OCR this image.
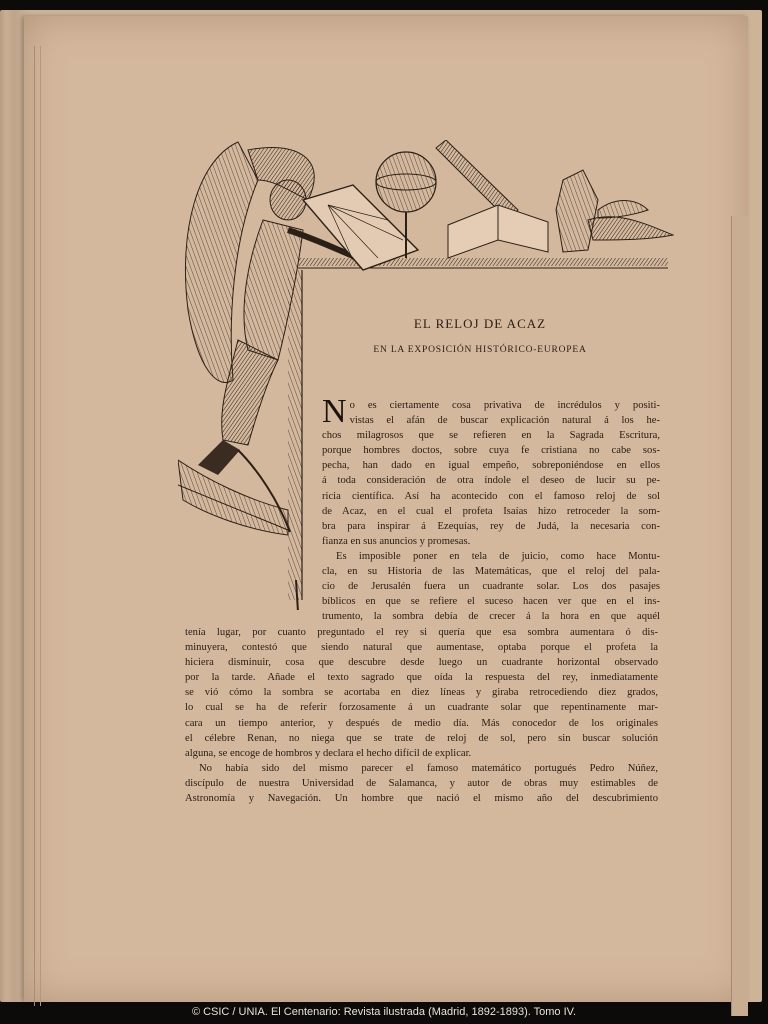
EL RELOJ DE ACAZ
EN LA EXPOSICIÓN HISTÓRICO-EUROPEA
N o es ciertamente cosa privativa de incrédulos y positi-
vistas el afán de buscar explicación natural á los he-
chos milagrosos que se refieren en la Sagrada Escritura,
porque hombres doctos, sobre cuya fe cristiana no cabe sos-
pecha, han dado en igual empeño, sobreponiéndose en ellos
á toda consideración de otra índole el deseo de lucir su pe-
ricia científica. Así ha acontecido con el famoso reloj de sol
de Acaz, en el cual el profeta Isaías hizo retroceder la som-
bra para inspirar á Ezequías, rey de Judá, la necesaria con-
fianza en sus anuncios y promesas.
Es imposible poner en tela de juicio, como hace Montu-
cla, en su Historia de las Matemáticas, que el reloj del pala-
cio de Jerusalén fuera un cuadrante solar. Los dos pasajes
bíblicos en que se refiere el suceso hacen ver que en el ins-
trumento, la sombra debía de crecer á la hora en que aquél
tenía lugar, por cuanto preguntado el rey si quería que esa sombra aumentara ó dis-
minuyera, contestó que siendo natural que aumentase, optaba porque el profeta la
hiciera disminuir, cosa que descubre desde luego un cuadrante horizontal observado
por la tarde. Añade el texto sagrado que oída la respuesta del rey, inmediatamente
se vió cómo la sombra se acortaba en diez líneas y giraba retrocediendo diez grados,
lo cual se ha de referir forzosamente á un cuadrante solar que repentinamente mar-
cara un tiempo anterior, y después de medio día. Más conocedor de los originales
el célebre Renan, no niega que se trate de reloj de sol, pero sin buscar solución
alguna, se encoge de hombros y declara el hecho difícil de explicar.
No había sido del mismo parecer el famoso matemático portugués Pedro Núñez,
discípulo de nuestra Universidad de Salamanca, y autor de obras muy estimables de
Astronomía y Navegación. Un hombre que nació el mismo año del descubrimiento
© CSIC / UNIA. El Centenario: Revista ilustrada (Madrid, 1892-1893). Tomo IV.
